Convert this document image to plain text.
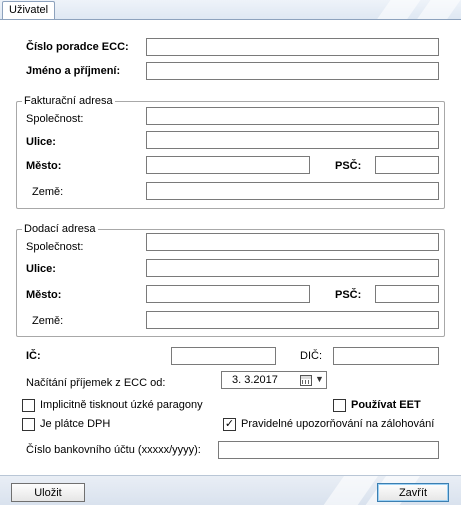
Uživatel
Číslo poradce ECC:
Jméno a příjmení:
Fakturační adresa
Společnost:
Ulice:
Město:	PSČ:
Země:
Dodací adresa
Společnost:
Ulice:
Město:	PSČ:
Země:
IČ:	DIČ:
Načítání příjemek z ECC od:	3. 3.2017	▼
Implicitně tisknout úzké paragony	Používat EET
Je plátce DPH	✓ Pravidelné upozorňování na zálohování
Číslo bankovního účtu (xxxxx/yyyy):
Uložit	Zavřít
